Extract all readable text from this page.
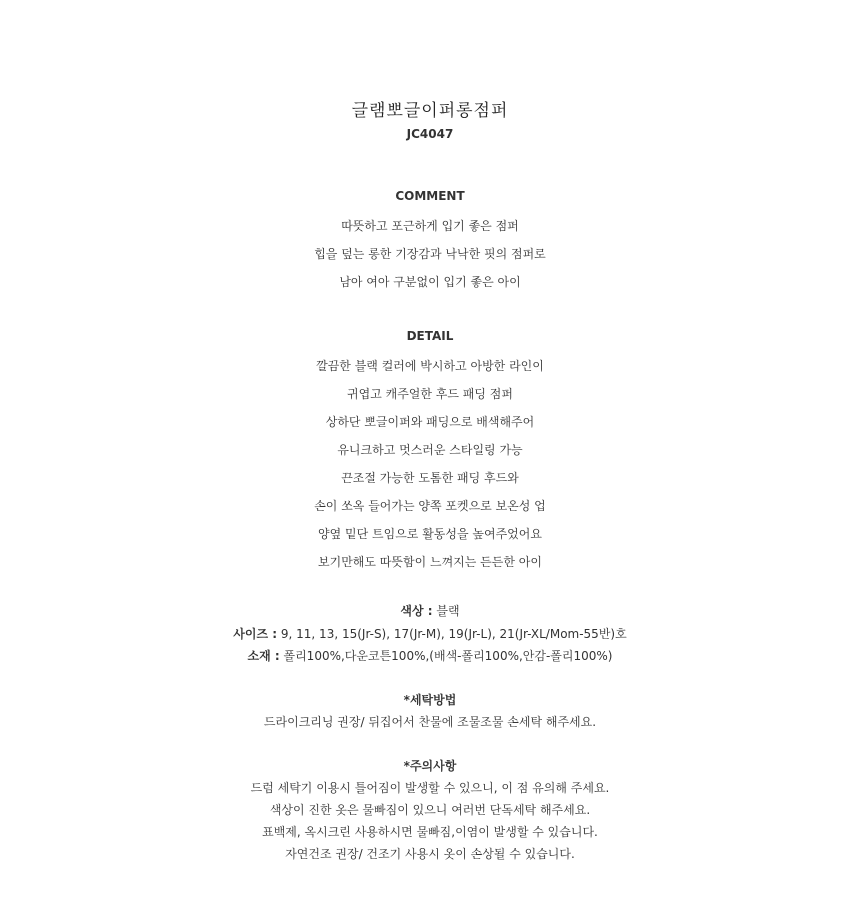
글램뽀글이퍼롱점퍼
JC4047
COMMENT
따뜻하고 포근하게 입기 좋은 점퍼
힙을 덮는 롱한 기장감과 낙낙한 핏의 점퍼로
남아 여아 구분없이 입기 좋은 아이
DETAIL
깔끔한 블랙 컬러에 박시하고 아방한 라인이
귀엽고 캐주얼한 후드 패딩 점퍼
상하단 뽀글이퍼와 패딩으로 배색해주어
유니크하고 멋스러운 스타일링 가능
끈조절 가능한 도톰한 패딩 후드와
손이 쏘옥 들어가는 양쪽 포켓으로 보온성 업
양옆 밑단 트임으로 활동성을 높여주었어요
보기만해도 따뜻함이 느껴지는 든든한 아이
색상 : 블랙
사이즈 : 9, 11, 13, 15(Jr-S), 17(Jr-M), 19(Jr-L), 21(Jr-XL/Mom-55반)호
소재 : 폴리100%,다운코튼100%,(배색-폴리100%,안감-폴리100%)
*세탁방법
드라이크리닝 권장/ 뒤집어서 찬물에 조물조물 손세탁 해주세요.
*주의사항
드럼 세탁기 이용시 틀어짐이 발생할 수 있으니, 이 점 유의해 주세요.
색상이 진한 옷은 물빠짐이 있으니 여러번 단독세탁 해주세요.
표백제, 옥시크린 사용하시면 물빠짐,이염이 발생할 수 있습니다.
자연건조 권장/ 건조기 사용시 옷이 손상될 수 있습니다.
